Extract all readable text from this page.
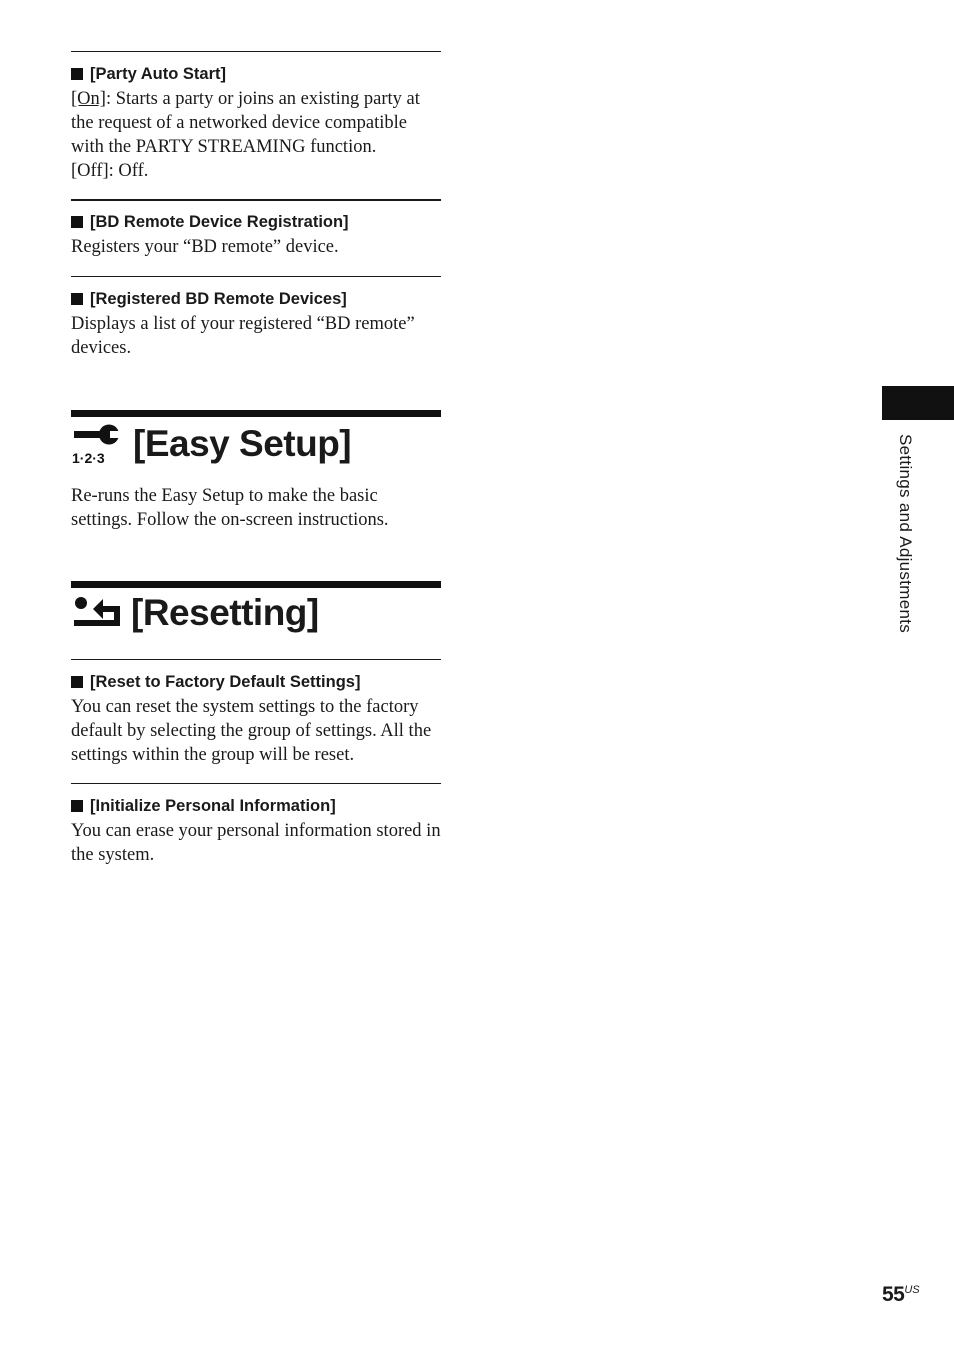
[Party Auto Start]

[On]: Starts a party or joins an existing party at the request of a networked device compatible with the PARTY STREAMING function.
[Off]: Off.

[BD Remote Device Registration]

Registers your “BD remote” device.

[Registered BD Remote Devices]

Displays a list of your registered “BD remote” devices.

1·2·3 [Easy Setup]

Re-runs the Easy Setup to make the basic settings. Follow the on-screen instructions.

[Resetting]
[Reset to Factory Default Settings]

You can reset the system settings to the factory default by selecting the group of settings. All the settings within the group will be reset.

[Initialize Personal Information]

You can erase your personal information stored in the system.

Settings and Adjustments
$55^{US}$
